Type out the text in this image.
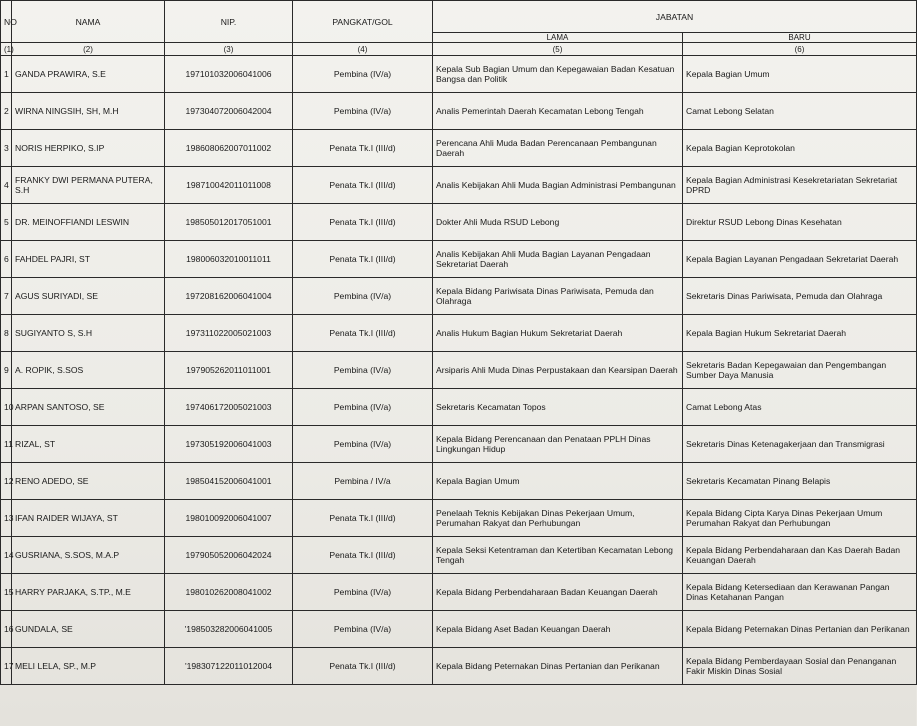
NO	NAMA	NIP.	PANGKAT/GOL	JABATAN	
				LAMA	BARU
(1)	(2)	(3)	(4)	(5)	(6)
1	GANDA PRAWIRA, S.E	197101032006041006	Pembina (IV/a)	Kepala Sub Bagian Umum dan Kepegawaian Badan Kesatuan Bangsa dan Politik	Kepala Bagian Umum
2	WIRNA NINGSIH, SH, M.H	197304072006042004	Pembina (IV/a)	Analis Pemerintah Daerah Kecamatan Lebong Tengah	Camat Lebong Selatan
3	NORIS HERPIKO, S.IP	198608062007011002	Penata Tk.I (III/d)	Perencana Ahli Muda Badan Perencanaan Pembangunan Daerah	Kepala Bagian Keprotokolan
4	FRANKY DWI PERMANA PUTERA, S.H	198710042011011008	Penata Tk.I (III/d)	Analis Kebijakan Ahli Muda Bagian Administrasi Pembangunan	Kepala Bagian Administrasi Kesekretariatan Sekretariat DPRD
5	DR. MEINOFFIANDI LESWIN	198505012017051001	Penata Tk.I (III/d)	Dokter Ahli Muda RSUD Lebong	Direktur RSUD Lebong Dinas Kesehatan
6	FAHDEL PAJRI, ST	198006032010011011	Penata Tk.I (III/d)	Analis Kebijakan Ahli Muda Bagian Layanan Pengadaan Sekretariat Daerah	Kepala Bagian Layanan Pengadaan Sekretariat Daerah
7	AGUS SURIYADI, SE	197208162006041004	Pembina (IV/a)	Kepala Bidang Pariwisata Dinas Pariwisata, Pemuda dan Olahraga	Sekretaris Dinas Pariwisata, Pemuda dan Olahraga
8	SUGIYANTO S, S.H	197311022005021003	Penata Tk.I (III/d)	Analis Hukum Bagian Hukum Sekretariat Daerah	Kepala Bagian Hukum Sekretariat Daerah
9	A. ROPIK, S.SOS	197905262011011001	Pembina (IV/a)	Arsiparis Ahli Muda Dinas Perpustakaan dan Kearsipan Daerah	Sekretaris Badan Kepegawaian dan Pengembangan Sumber Daya Manusia
10	ARPAN SANTOSO, SE	197406172005021003	Pembina (IV/a)	Sekretaris Kecamatan Topos	Camat Lebong Atas
11	RIZAL, ST	197305192006041003	Pembina (IV/a)	Kepala Bidang Perencanaan dan Penataan PPLH Dinas Lingkungan Hidup	Sekretaris Dinas Ketenagakerjaan dan Transmigrasi
12	RENO ADEDO, SE	198504152006041001	Pembina / IV/a	Kepala Bagian Umum	Sekretaris Kecamatan Pinang Belapis
13	IFAN RAIDER WIJAYA, ST	198010092006041007	Penata Tk.I (III/d)	Penelaah Teknis Kebijakan Dinas Pekerjaan Umum, Perumahan Rakyat dan Perhubungan	Kepala Bidang Cipta Karya Dinas Pekerjaan Umum Perumahan Rakyat dan Perhubungan
14	GUSRIANA, S.SOS, M.A.P	197905052006042024	Penata Tk.I (III/d)	Kepala Seksi Ketentraman dan Ketertiban Kecamatan Lebong Tengah	Kepala Bidang Perbendaharaan dan Kas Daerah Badan Keuangan Daerah
15	HARRY PARJAKA, S.TP., M.E	198010262008041002	Pembina (IV/a)	Kepala Bidang Perbendaharaan Badan Keuangan Daerah	Kepala Bidang Ketersediaan dan Kerawanan Pangan Dinas Ketahanan Pangan
16	GUNDALA, SE	'198503282006041005	Pembina (IV/a)	Kepala Bidang Aset Badan Keuangan Daerah	Kepala Bidang Peternakan Dinas Pertanian dan Perikanan
17	MELI LELA, SP., M.P	'198307122011012004	Penata Tk.I (III/d)	Kepala Bidang Peternakan Dinas Pertanian dan Perikanan	Kepala Bidang Pemberdayaan Sosial dan Penanganan Fakir Miskin Dinas Sosial
